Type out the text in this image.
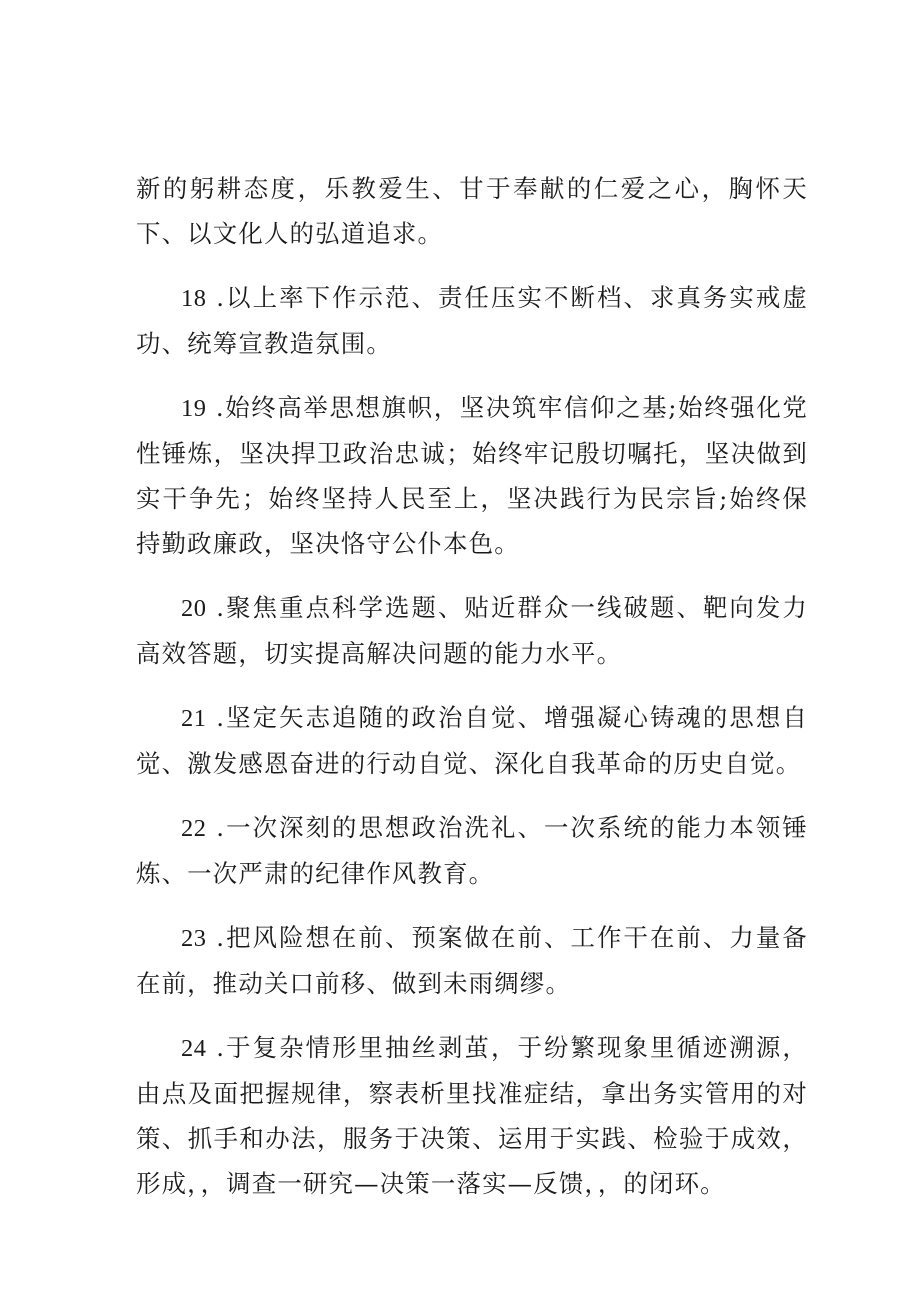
新的躬耕态度，乐教爱生、甘于奉献的仁爱之心，胸怀天下、以文化人的弘道追求。

18 .以上率下作示范、责任压实不断档、求真务实戒虚功、统筹宣教造氛围。

19 .始终高举思想旗帜，坚决筑牢信仰之基;始终强化党性锤炼，坚决捍卫政治忠诚；始终牢记殷切嘱托，坚决做到实干争先；始终坚持人民至上，坚决践行为民宗旨;始终保持勤政廉政，坚决恪守公仆本色。

20 .聚焦重点科学选题、贴近群众一线破题、靶向发力高效答题，切实提高解决问题的能力水平。

21 .坚定矢志追随的政治自觉、增强凝心铸魂的思想自觉、激发感恩奋进的行动自觉、深化自我革命的历史自觉。

22 .一次深刻的思想政治洗礼、一次系统的能力本领锤炼、一次严肃的纪律作风教育。

23 .把风险想在前、预案做在前、工作干在前、力量备在前，推动关口前移、做到未雨绸缪。

24 .于复杂情形里抽丝剥茧，于纷繁现象里循迹溯源，由点及面把握规律，察表析里找准症结，拿出务实管用的对策、抓手和办法，服务于决策、运用于实践、检验于成效，形成，，调查一研究—决策一落实—反馈，，的闭环。
